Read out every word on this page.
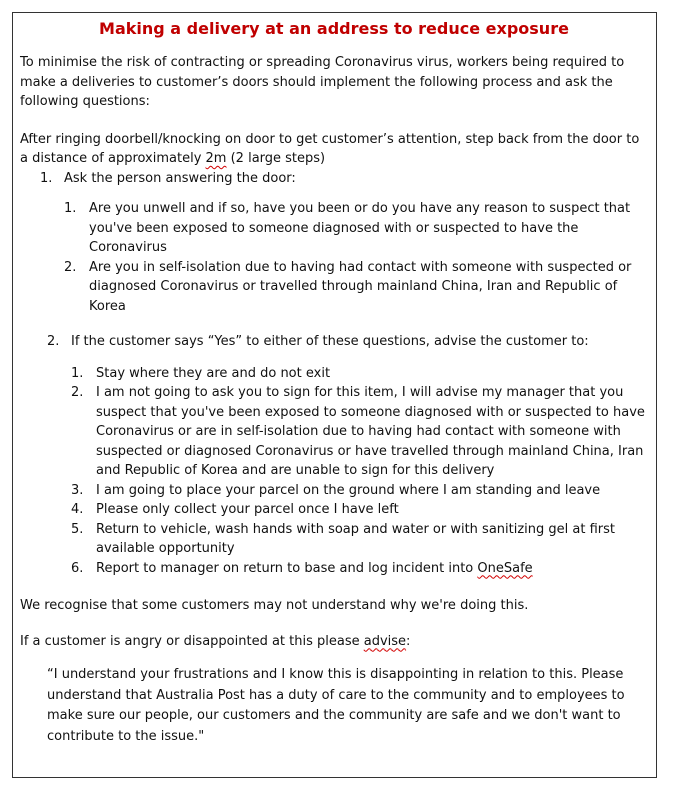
Making a delivery at an address to reduce exposure

To minimise the risk of contracting or spreading Coronavirus virus, workers being required to make a deliveries to customer’s doors should implement the following process and ask the following questions:

After ringing doorbell/knocking on door to get customer’s attention, step back from the door to a distance of approximately 2m (2 large steps)

1. Ask the person answering the door:
1. Are you unwell and if so, have you been or do you have any reason to suspect that you've been exposed to someone diagnosed with or suspected to have the Coronavirus
2. Are you in self-isolation due to having had contact with someone with suspected or diagnosed Coronavirus or travelled through mainland China, Iran and Republic of Korea
2. If the customer says “Yes” to either of these questions, advise the customer to:
1. Stay where they are and do not exit
2. I am not going to ask you to sign for this item, I will advise my manager that you suspect that you've been exposed to someone diagnosed with or suspected to have Coronavirus or are in self-isolation due to having had contact with someone with suspected or diagnosed Coronavirus or have travelled through mainland China, Iran and Republic of Korea and are unable to sign for this delivery
3. I am going to place your parcel on the ground where I am standing and leave
4. Please only collect your parcel once I have left
5. Return to vehicle, wash hands with soap and water or with sanitizing gel at first available opportunity
6. Report to manager on return to base and log incident into OneSafe

We recognise that some customers may not understand why we're doing this.

If a customer is angry or disappointed at this please advise:

“I understand your frustrations and I know this is disappointing in relation to this. Please understand that Australia Post has a duty of care to the community and to employees to make sure our people, our customers and the community are safe and we don't want to contribute to the issue."
